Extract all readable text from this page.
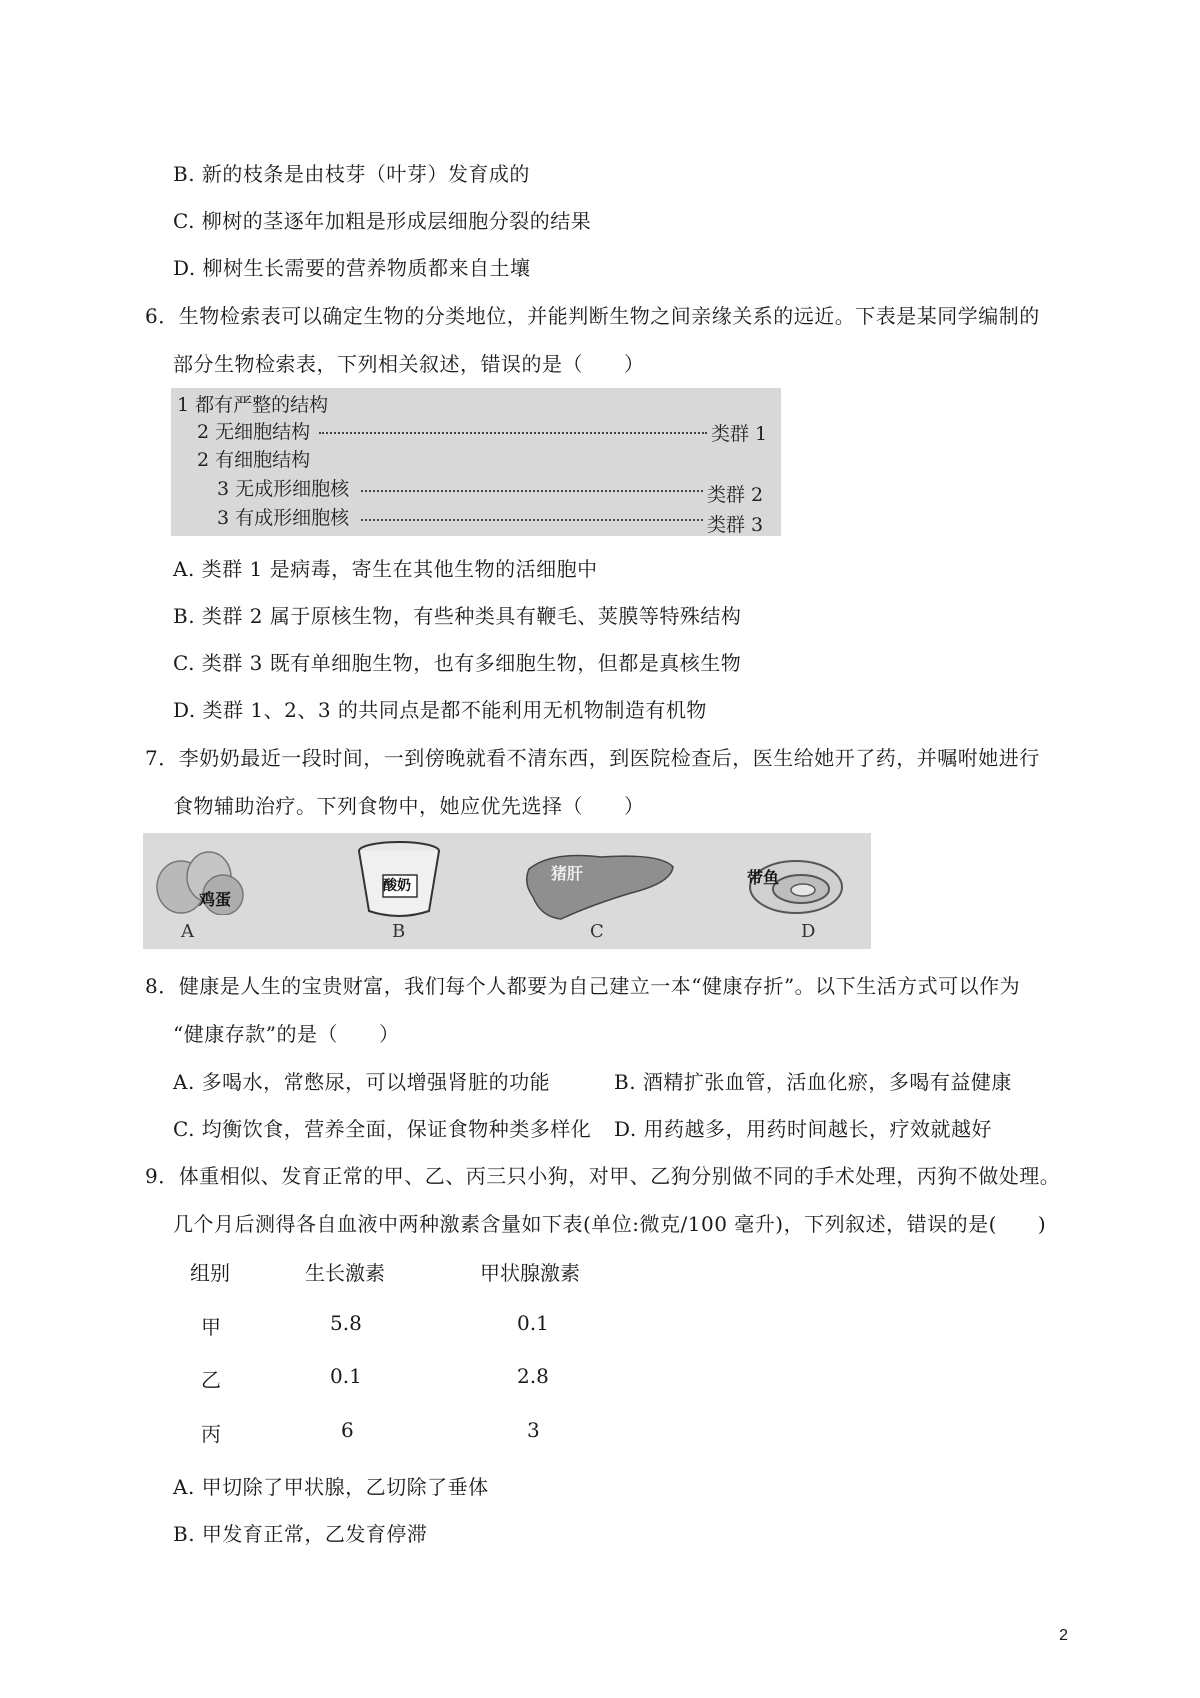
B. 新的枝条是由枝芽（叶芽）发育成的
C. 柳树的茎逐年加粗是形成层细胞分裂的结果
D. 柳树生长需要的营养物质都来自土壤
6．生物检索表可以确定生物的分类地位，并能判断生物之间亲缘关系的远近。下表是某同学编制的
部分生物检索表，下列相关叙述，错误的是（　　）
1 都有严整的结构
2 无细胞结构	类群 1
2 有细胞结构
3 无成形细胞核	类群 2
3 有成形细胞核	类群 3
A. 类群 1 是病毒，寄生在其他生物的活细胞中
B. 类群 2 属于原核生物，有些种类具有鞭毛、荚膜等特殊结构
C. 类群 3 既有单细胞生物，也有多细胞生物，但都是真核生物
D. 类群 1、2、3 的共同点是都不能利用无机物制造有机物
7．李奶奶最近一段时间，一到傍晚就看不清东西，到医院检查后，医生给她开了药，并嘱咐她进行
食物辅助治疗。下列食物中，她应优先选择（　　）
鸡蛋
A
酸奶
B
猪肝
C
带鱼
D
8．健康是人生的宝贵财富，我们每个人都要为自己建立一本“健康存折”。以下生活方式可以作为
“健康存款”的是（　　）
A. 多喝水，常憋尿，可以增强肾脏的功能	B. 酒精扩张血管，活血化瘀，多喝有益健康
C. 均衡饮食，营养全面，保证食物种类多样化 D. 用药越多，用药时间越长，疗效就越好
9．体重相似、发育正常的甲、乙、丙三只小狗，对甲、乙狗分别做不同的手术处理，丙狗不做处理。
几个月后测得各自血液中两种激素含量如下表(单位:微克/100 毫升)，下列叙述，错误的是(　　)
组别	生长激素	甲状腺激素
甲	5.8	0.1
乙	0.1	2.8
丙	6	3
A. 甲切除了甲状腺，乙切除了垂体
B. 甲发育正常，乙发育停滞
2
